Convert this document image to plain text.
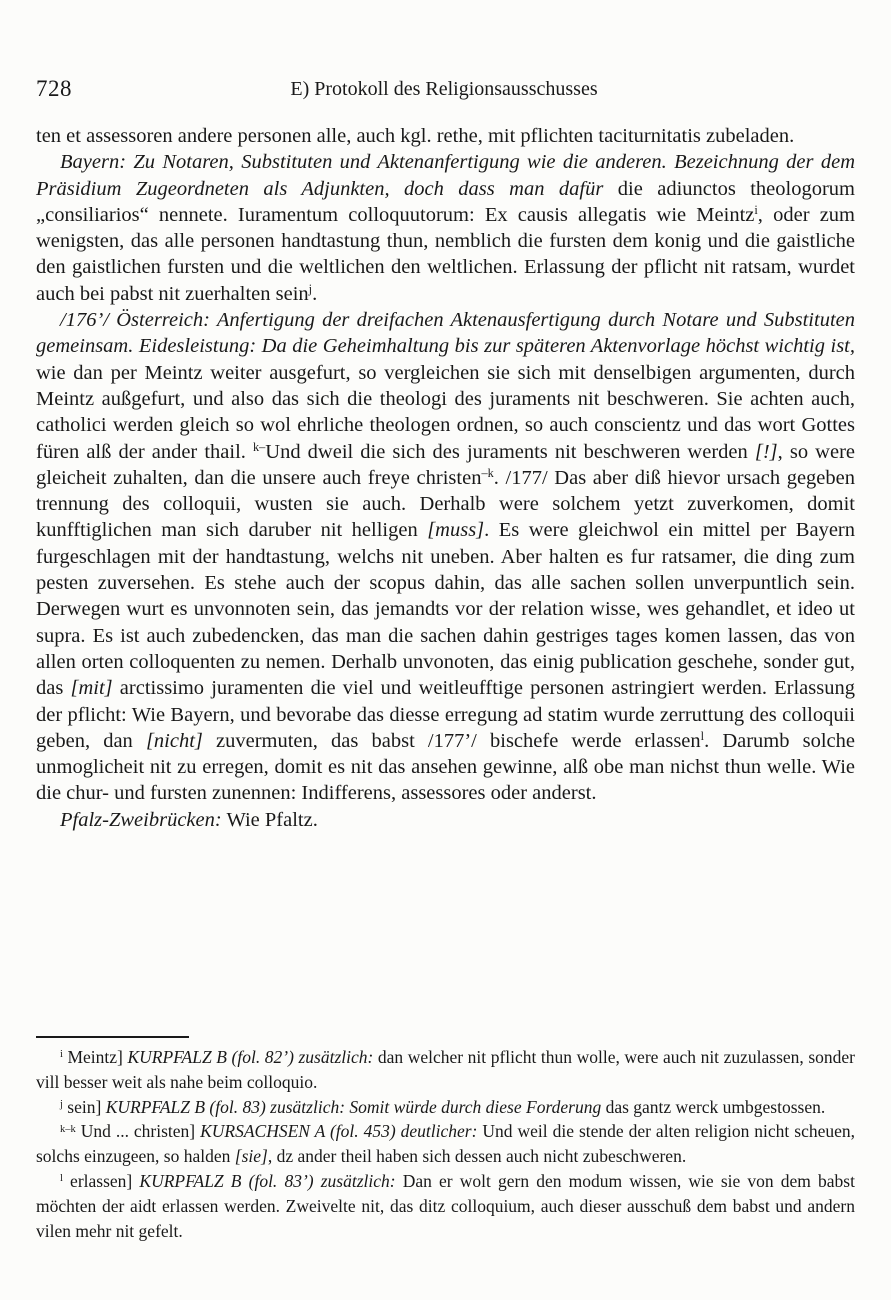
728	E) Protokoll des Religionsausschusses

ten et assessoren andere personen alle, auch kgl. rethe, mit pflichten taciturnitatis zubeladen.

Bayern: Zu Notaren, Substituten und Aktenanfertigung wie die anderen. Bezeichnung der dem Präsidium Zugeordneten als Adjunkten, doch dass man dafür die adiunctos theologorum „consiliarios“ nennete. Iuramentum colloquutorum: Ex causis allegatis wie Meintz$^i$, oder zum wenigsten, das alle personen handtastung thun, nemblich die fursten dem konig und die gaistliche den gaistlichen fursten und die weltlichen den weltlichen. Erlassung der pflicht nit ratsam, wurdet auch bei pabst nit zuerhalten sein$^j$.

/176’/ Österreich: Anfertigung der dreifachen Aktenausfertigung durch Notare und Substituten gemeinsam. Eidesleistung: Da die Geheimhaltung bis zur späteren Aktenvorlage höchst wichtig ist, wie dan per Meintz weiter ausgefurt, so vergleichen sie sich mit denselbigen argumenten, durch Meintz außgefurt, und also das sich die theologi des juraments nit beschweren. Sie achten auch, catholici werden gleich so wol ehrliche theologen ordnen, so auch conscientz und das wort Gottes füren alß der ander thail. $^{k-}$Und dweil die sich des juraments nit beschweren werden [!], so were gleicheit zuhalten, dan die unsere auch freye christen$^{-k}$. /177/ Das aber diß hievor ursach gegeben trennung des colloquii, wusten sie auch. Derhalb were solchem yetzt zuverkomen, domit kunfftiglichen man sich daruber nit helligen [muss]. Es were gleichwol ein mittel per Bayern furgeschlagen mit der handtastung, welchs nit uneben. Aber halten es fur ratsamer, die ding zum pesten zuversehen. Es stehe auch der scopus dahin, das alle sachen sollen unverpuntlich sein. Derwegen wurt es unvonnoten sein, das jemandts vor der relation wisse, wes gehandlet, et ideo ut supra. Es ist auch zubedencken, das man die sachen dahin gestriges tages komen lassen, das von allen orten colloquenten zu nemen. Derhalb unvonoten, das einig publication geschehe, sonder gut, das [mit] arctissimo juramenten die viel und weitleufftige personen astringiert werden. Erlassung der pflicht: Wie Bayern, und bevorabe das diesse erregung ad statim wurde zerruttung des colloquii geben, dan [nicht] zuvermuten, das babst /177’/ bischefe werde erlassen$^l$. Darumb solche unmoglicheit nit zu erregen, domit es nit das ansehen gewinne, alß obe man nichst thun welle. Wie die chur- und fursten zunennen: Indifferens, assessores oder anderst.

Pfalz-Zweibrücken: Wie Pfaltz.

$^i$ Meintz] KURPFALZ B (fol. 82’) zusätzlich: dan welcher nit pflicht thun wolle, were auch nit zuzulassen, sonder vill besser weit als nahe beim colloquio.

$^j$ sein] KURPFALZ B (fol. 83) zusätzlich: Somit würde durch diese Forderung das gantz werck umbgestossen.

$^{k-k}$ Und ... christen] KURSACHSEN A (fol. 453) deutlicher: Und weil die stende der alten religion nicht scheuen, solchs einzugeen, so halden [sie], dz ander theil haben sich dessen auch nicht zubeschweren.

$^l$ erlassen] KURPFALZ B (fol. 83’) zusätzlich: Dan er wolt gern den modum wissen, wie sie von dem babst möchten der aidt erlassen werden. Zweivelte nit, das ditz colloquium, auch dieser ausschuß dem babst und andern vilen mehr nit gefelt.
